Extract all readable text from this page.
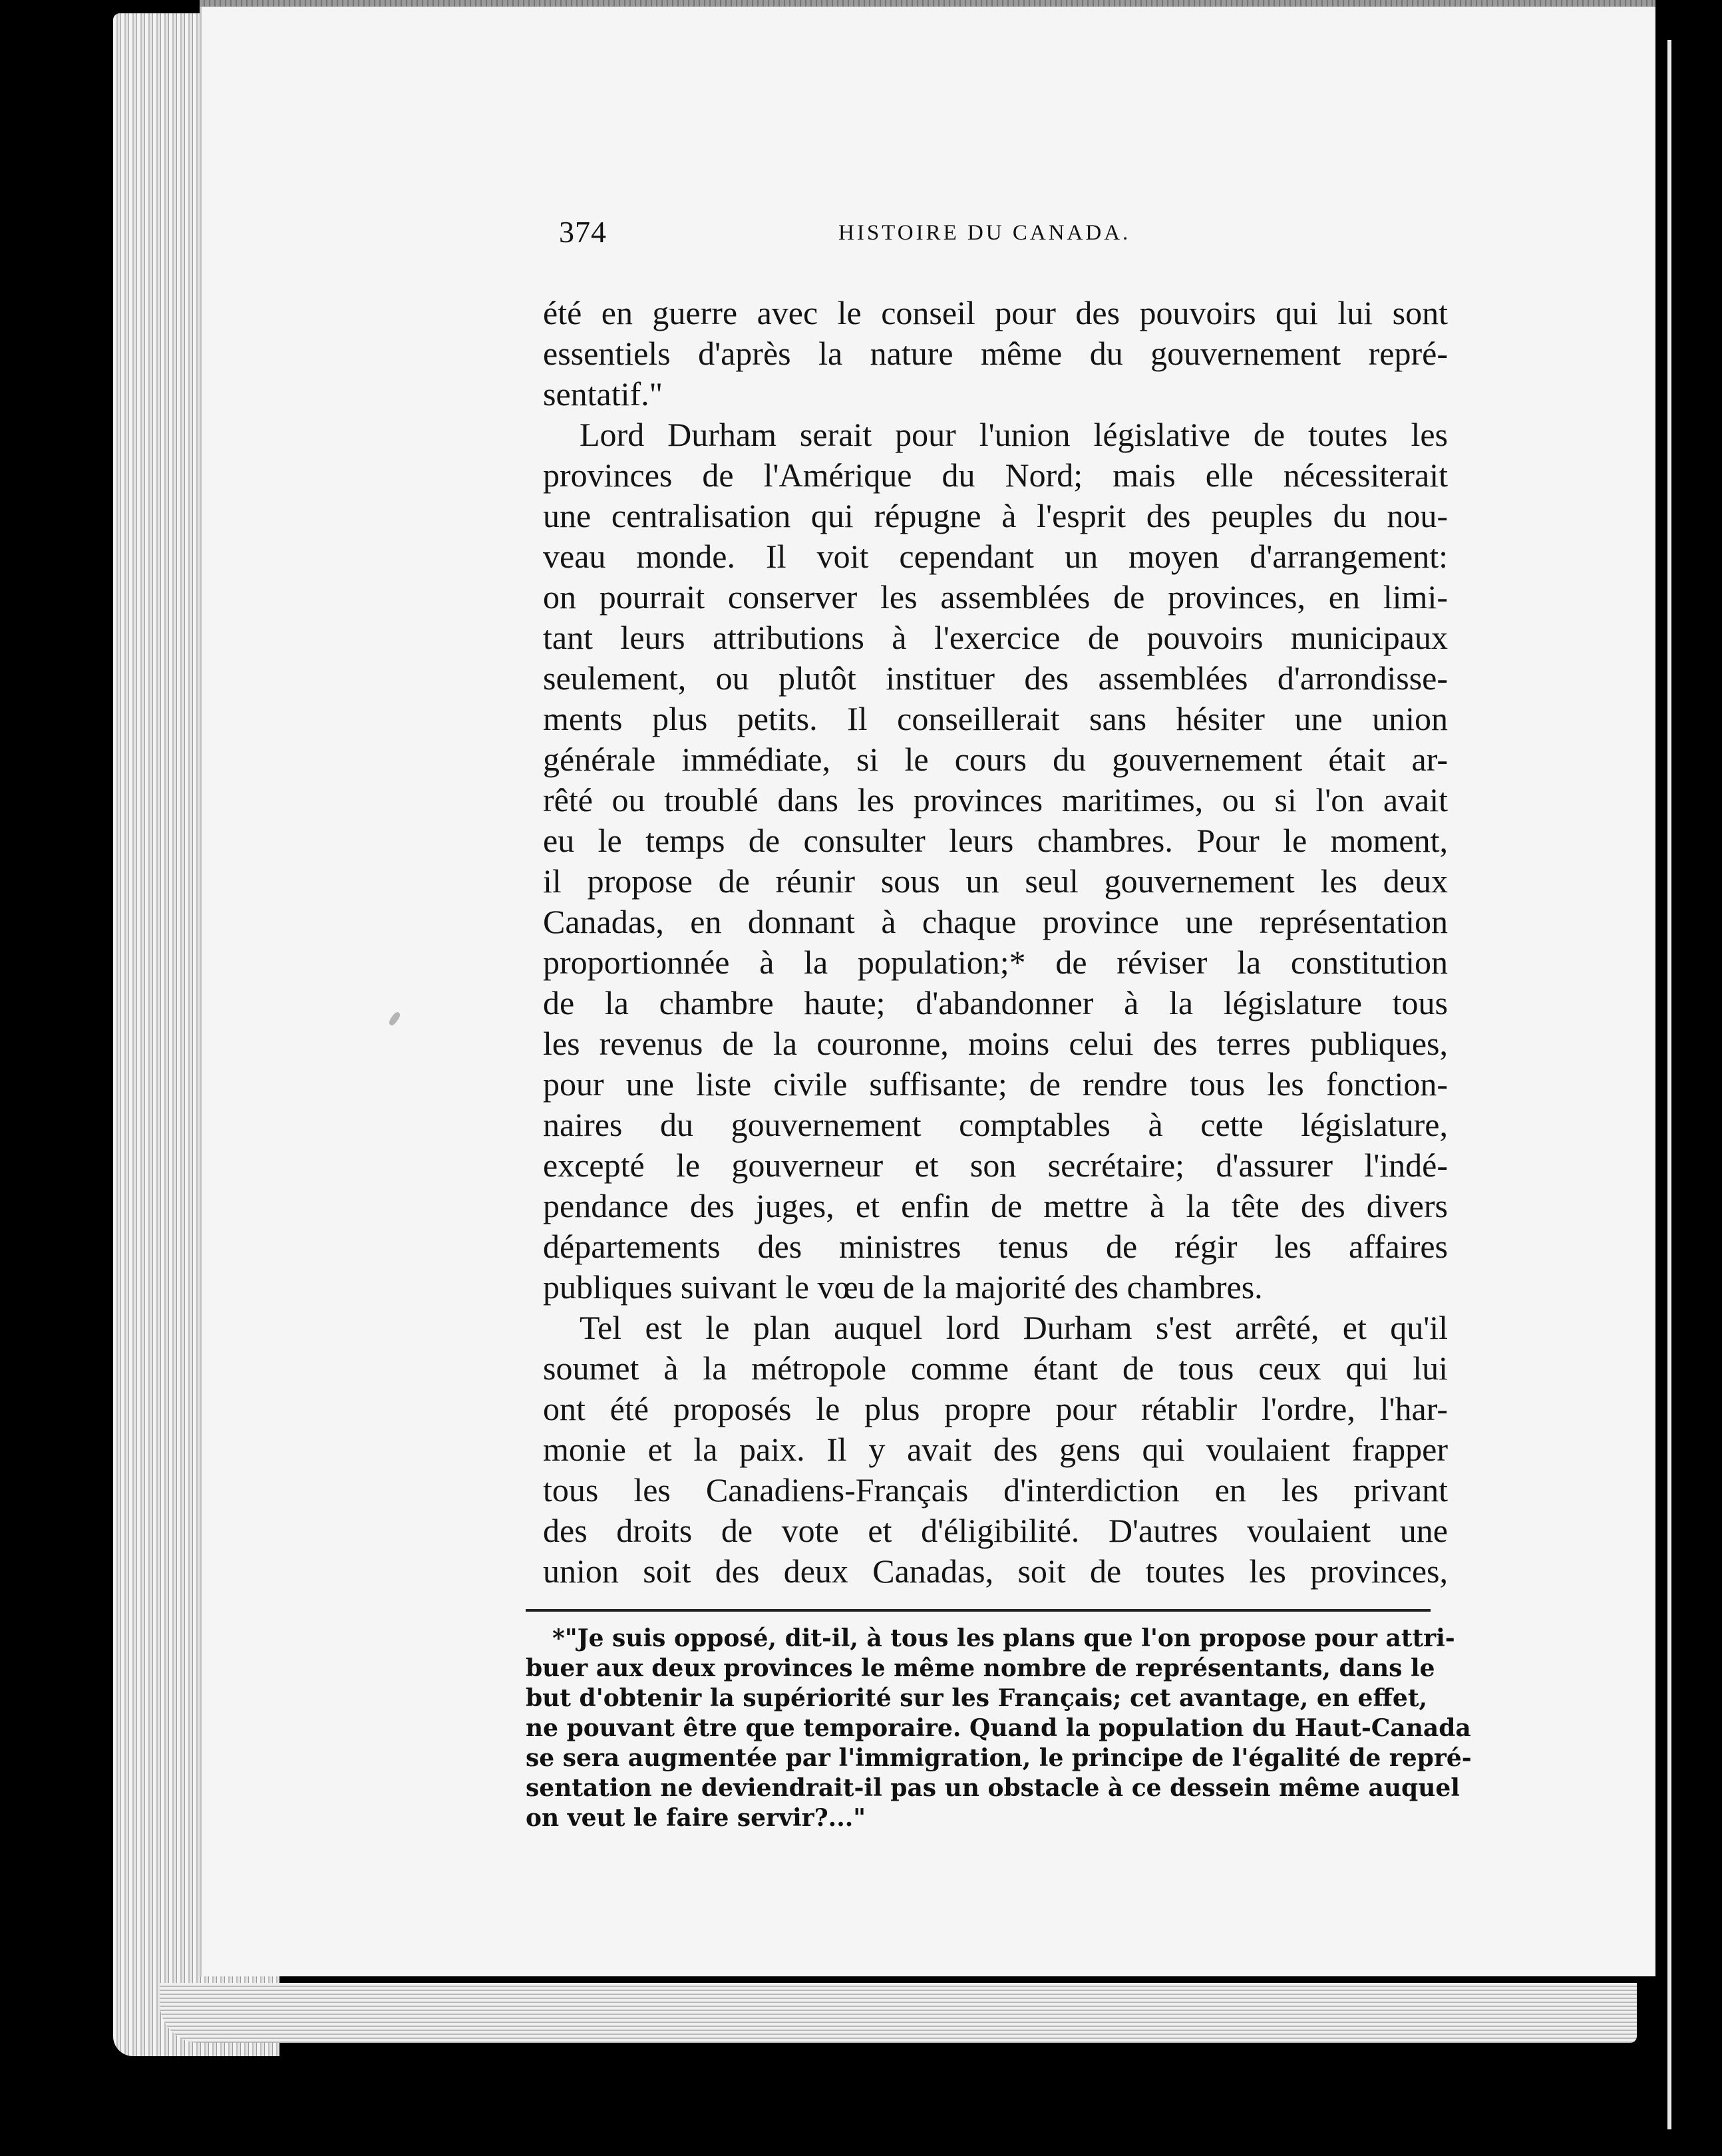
374	HISTOIRE DU CANADA.
été en guerre avec le conseil pour des pouvoirs qui lui sont
essentiels d'après la nature même du gouvernement repré-
sentatif."
Lord Durham serait pour l'union législative de toutes les
provinces de l'Amérique du Nord; mais elle nécessiterait
une centralisation qui répugne à l'esprit des peuples du nou-
veau monde. Il voit cependant un moyen d'arrangement:
on pourrait conserver les assemblées de provinces, en limi-
tant leurs attributions à l'exercice de pouvoirs municipaux
seulement, ou plutôt instituer des assemblées d'arrondisse-
ments plus petits. Il conseillerait sans hésiter une union
générale immédiate, si le cours du gouvernement était ar-
rêté ou troublé dans les provinces maritimes, ou si l'on avait
eu le temps de consulter leurs chambres. Pour le moment,
il propose de réunir sous un seul gouvernement les deux
Canadas, en donnant à chaque province une représentation
proportionnée à la population;* de réviser la constitution
de la chambre haute; d'abandonner à la législature tous
les revenus de la couronne, moins celui des terres publiques,
pour une liste civile suffisante; de rendre tous les fonction-
naires du gouvernement comptables à cette législature,
excepté le gouverneur et son secrétaire; d'assurer l'indé-
pendance des juges, et enfin de mettre à la tête des divers
départements des ministres tenus de régir les affaires
publiques suivant le vœu de la majorité des chambres.
Tel est le plan auquel lord Durham s'est arrêté, et qu'il
soumet à la métropole comme étant de tous ceux qui lui
ont été proposés le plus propre pour rétablir l'ordre, l'har-
monie et la paix. Il y avait des gens qui voulaient frapper
tous les Canadiens-Français d'interdiction en les privant
des droits de vote et d'éligibilité. D'autres voulaient une
union soit des deux Canadas, soit de toutes les provinces,
*"Je suis opposé, dit-il, à tous les plans que l'on propose pour attri-
buer aux deux provinces le même nombre de représentants, dans le
but d'obtenir la supériorité sur les Français; cet avantage, en effet,
ne pouvant être que temporaire. Quand la population du Haut-Canada
se sera augmentée par l'immigration, le principe de l'égalité de repré-
sentation ne deviendrait-il pas un obstacle à ce dessein même auquel
on veut le faire servir?..."
